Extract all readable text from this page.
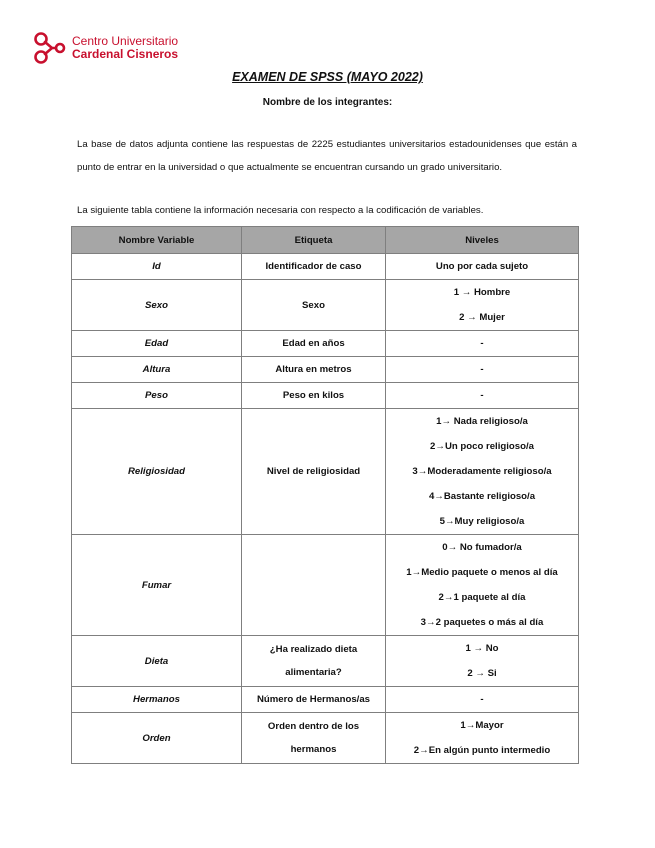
Centro Universitario
Cardenal Cisneros
EXAMEN DE SPSS (MAYO 2022)
Nombre de los integrantes:

La base de datos adjunta contiene las respuestas de 2225 estudiantes universitarios estadounidenses que están a punto de entrar en la universidad o que actualmente se encuentran cursando un grado universitario.

La siguiente tabla contiene la información necesaria con respecto a la codificación de variables.

Nombre Variable	Etiqueta	Niveles
Id	Identificador de caso	Uno por cada sujeto

Sexo	Sexo	1 → Hombre
2 → Mujer

Edad	Edad en años	-

Altura	Altura en metros	-

Peso	Peso en kilos	-

Religiosidad	Nivel de religiosidad	1→ Nada religioso/a
2→Un poco religioso/a
3→Moderadamente religioso/a
4→Bastante religioso/a
5→Muy religioso/a

Fumar		0→ No fumador/a
1→Medio paquete o menos al día
2→1 paquete al día
3→2 paquetes o más al día

Dieta	¿Ha realizado dieta alimentaria?	1 → No
2 → Si

Hermanos	Número de Hermanos/as	-

Orden	Orden dentro de los hermanos	1→Mayor
2→En algún punto intermedio
